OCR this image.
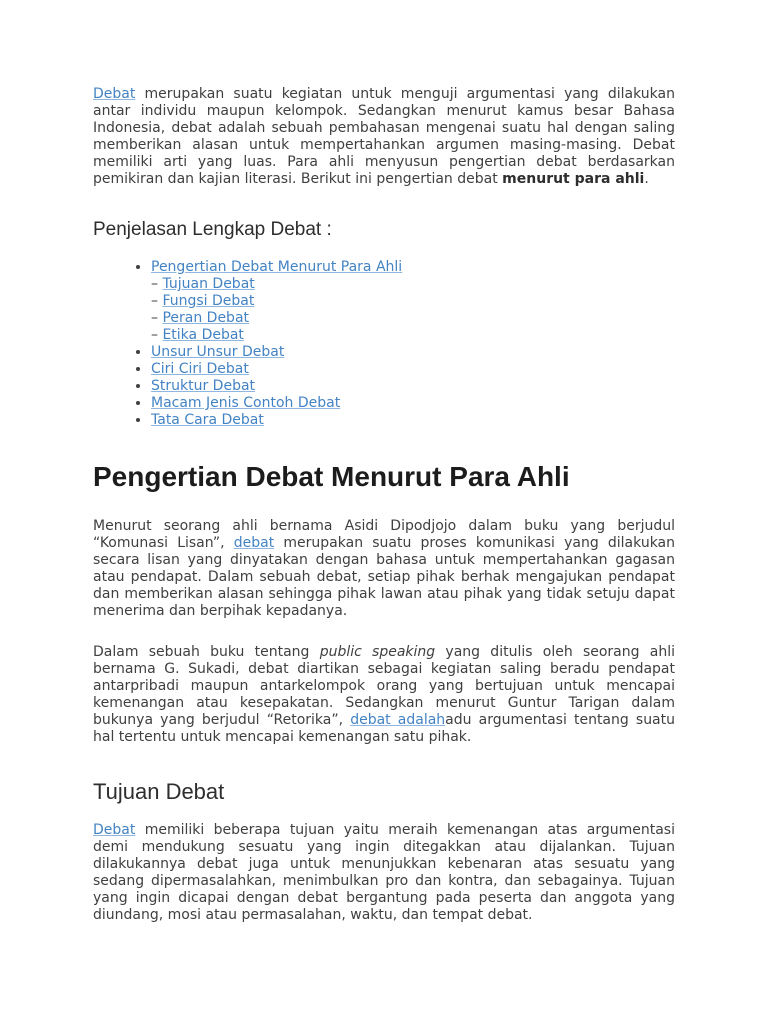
Debat merupakan suatu kegiatan untuk menguji argumentasi yang dilakukan antar individu maupun kelompok. Sedangkan menurut kamus besar Bahasa Indonesia, debat adalah sebuah pembahasan mengenai suatu hal dengan saling memberikan alasan untuk mempertahankan argumen masing-masing. Debat memiliki arti yang luas. Para ahli menyusun pengertian debat berdasarkan pemikiran dan kajian literasi. Berikut ini pengertian debat menurut para ahli.

Penjelasan Lengkap Debat :
• Pengertian Debat Menurut Para Ahli
– Tujuan Debat
– Fungsi Debat
– Peran Debat
– Etika Debat
• Unsur Unsur Debat
• Ciri Ciri Debat
• Struktur Debat
• Macam Jenis Contoh Debat
• Tata Cara Debat
Pengertian Debat Menurut Para Ahli

Menurut seorang ahli bernama Asidi Dipodjojo dalam buku yang berjudul “Komunasi Lisan”, debat merupakan suatu proses komunikasi yang dilakukan secara lisan yang dinyatakan dengan bahasa untuk mempertahankan gagasan atau pendapat. Dalam sebuah debat, setiap pihak berhak mengajukan pendapat dan memberikan alasan sehingga pihak lawan atau pihak yang tidak setuju dapat menerima dan berpihak kepadanya.

Dalam sebuah buku tentang public speaking yang ditulis oleh seorang ahli bernama G. Sukadi, debat diartikan sebagai kegiatan saling beradu pendapat antarpribadi maupun antarkelompok orang yang bertujuan untuk mencapai kemenangan atau kesepakatan. Sedangkan menurut Guntur Tarigan dalam bukunya yang berjudul “Retorika”, debat adalahadu argumentasi tentang suatu hal tertentu untuk mencapai kemenangan satu pihak.

Tujuan Debat

Debat memiliki beberapa tujuan yaitu meraih kemenangan atas argumentasi demi mendukung sesuatu yang ingin ditegakkan atau dijalankan. Tujuan dilakukannya debat juga untuk menunjukkan kebenaran atas sesuatu yang sedang dipermasalahkan, menimbulkan pro dan kontra, dan sebagainya. Tujuan yang ingin dicapai dengan debat bergantung pada peserta dan anggota yang diundang, mosi atau permasalahan, waktu, dan tempat debat.
